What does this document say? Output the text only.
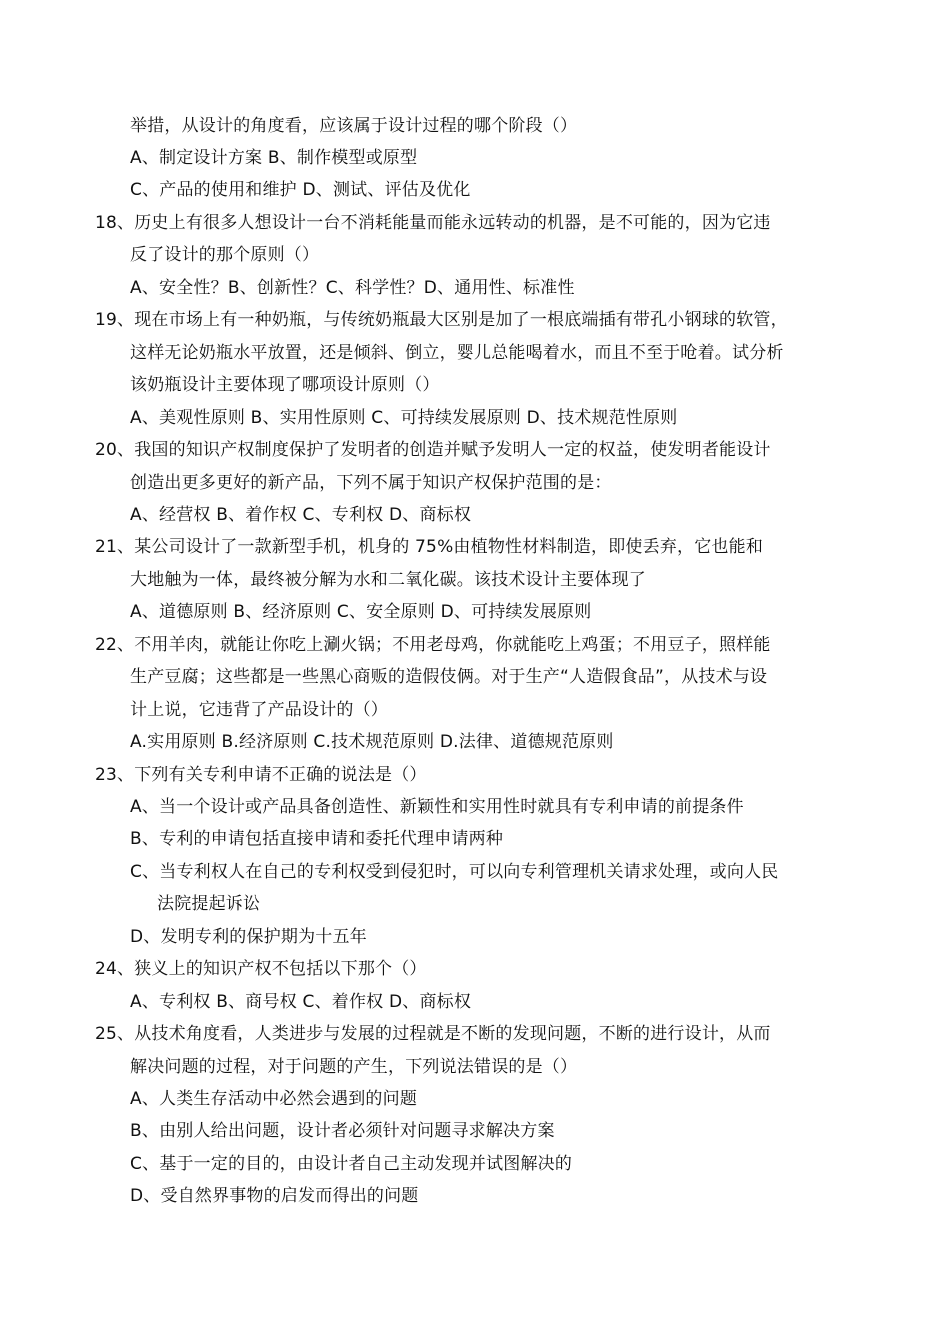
举措，从设计的角度看，应该属于设计过程的哪个阶段（）
A、制定设计方案 B、制作模型或原型
C、产品的使用和维护 D、测试、评估及优化
18、历史上有很多人想设计一台不消耗能量而能永远转动的机器，是不可能的，因为它违
反了设计的那个原则（）
A、安全性？B、创新性？C、科学性？D、通用性、标准性
19、现在市场上有一种奶瓶，与传统奶瓶最大区别是加了一根底端插有带孔小钢球的软管，
这样无论奶瓶水平放置，还是倾斜、倒立，婴儿总能喝着水，而且不至于呛着。试分析
该奶瓶设计主要体现了哪项设计原则（）
A、美观性原则 B、实用性原则 C、可持续发展原则 D、技术规范性原则
20、我国的知识产权制度保护了发明者的创造并赋予发明人一定的权益，使发明者能设计
创造出更多更好的新产品，下列不属于知识产权保护范围的是：
A、经营权 B、着作权 C、专利权 D、商标权
21、某公司设计了一款新型手机，机身的 75%由植物性材料制造，即使丢弃，它也能和
大地触为一体，最终被分解为水和二氧化碳。该技术设计主要体现了
A、道德原则 B、经济原则 C、安全原则 D、可持续发展原则
22、不用羊肉，就能让你吃上涮火锅；不用老母鸡，你就能吃上鸡蛋；不用豆子，照样能
生产豆腐；这些都是一些黑心商贩的造假伎俩。对于生产“人造假食品”，从技术与设
计上说，它违背了产品设计的（）
A.实用原则 B.经济原则 C.技术规范原则 D.法律、道德规范原则
23、下列有关专利申请不正确的说法是（）
A、当一个设计或产品具备创造性、新颖性和实用性时就具有专利申请的前提条件
B、专利的申请包括直接申请和委托代理申请两种
C、当专利权人在自己的专利权受到侵犯时，可以向专利管理机关请求处理，或向人民
法院提起诉讼
D、发明专利的保护期为十五年
24、狭义上的知识产权不包括以下那个（）
A、专利权 B、商号权 C、着作权 D、商标权
25、从技术角度看，人类进步与发展的过程就是不断的发现问题，不断的进行设计，从而
解决问题的过程，对于问题的产生，下列说法错误的是（）
A、人类生存活动中必然会遇到的问题
B、由别人给出问题，设计者必须针对问题寻求解决方案
C、基于一定的目的，由设计者自己主动发现并试图解决的
D、受自然界事物的启发而得出的问题
